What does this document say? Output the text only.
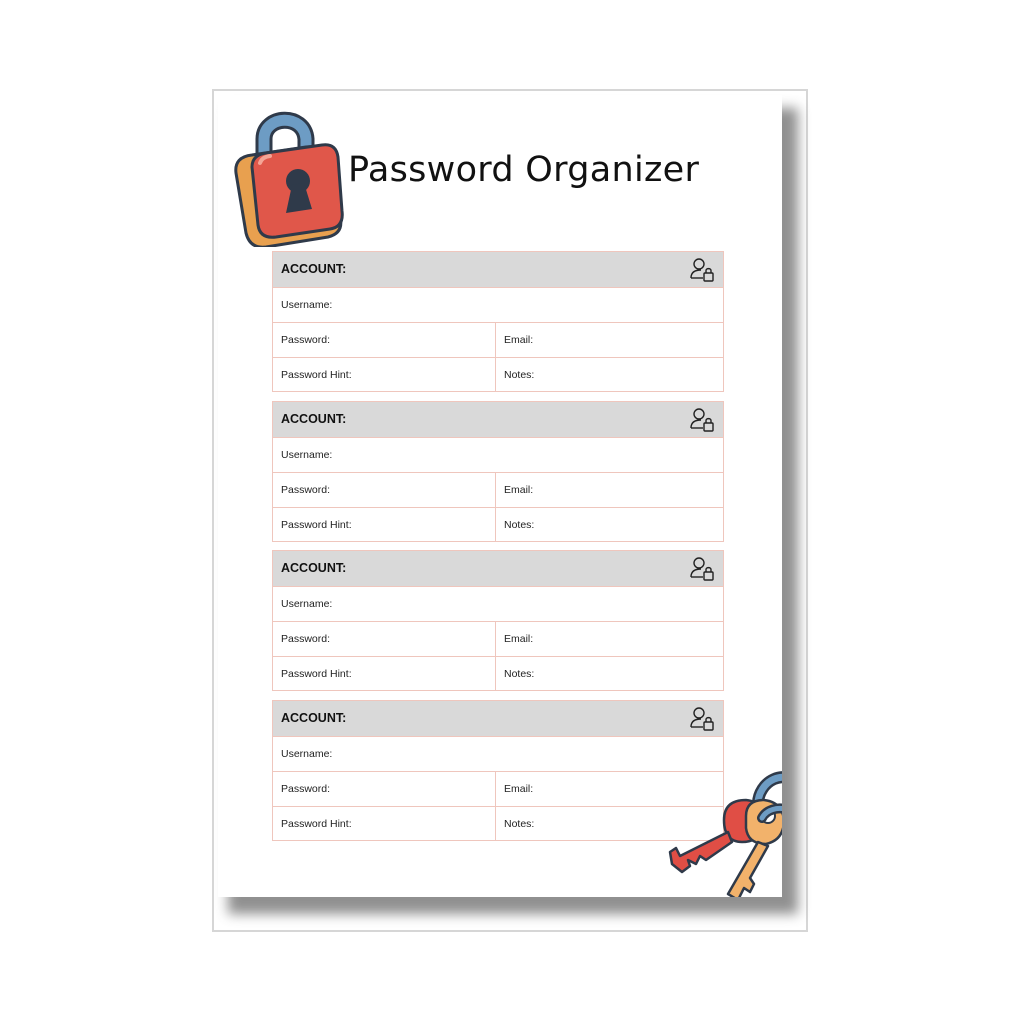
Password Organizer
ACCOUNT:
Username:
Password:	Email:
Password Hint:	Notes:
ACCOUNT:
Username:
Password:	Email:
Password Hint:	Notes:
ACCOUNT:
Username:
Password:	Email:
Password Hint:	Notes:
ACCOUNT:
Username:
Password:	Email:
Password Hint:	Notes:
